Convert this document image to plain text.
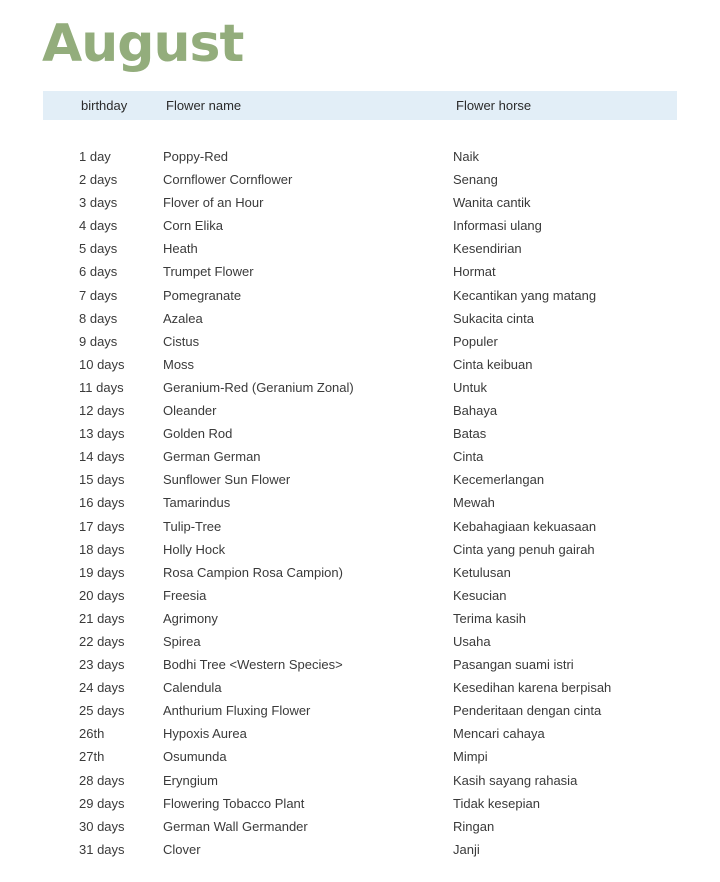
August
birthday	Flower name	Flower horse
1 day	Poppy-Red	Naik
2 days	Cornflower Cornflower	Senang
3 days	Flover of an Hour	Wanita cantik
4 days	Corn Elika	Informasi ulang
5 days	Heath	Kesendirian
6 days	Trumpet Flower	Hormat
7 days	Pomegranate	Kecantikan yang matang
8 days	Azalea	Sukacita cinta
9 days	Cistus	Populer
10 days	Moss	Cinta keibuan
11 days	Geranium-Red (Geranium Zonal)	Untuk
12 days	Oleander	Bahaya
13 days	Golden Rod	Batas
14 days	German German	Cinta
15 days	Sunflower Sun Flower	Kecemerlangan
16 days	Tamarindus	Mewah
17 days	Tulip-Tree	Kebahagiaan kekuasaan
18 days	Holly Hock	Cinta yang penuh gairah
19 days	Rosa Campion Rosa Campion)	Ketulusan
20 days	Freesia	Kesucian
21 days	Agrimony	Terima kasih
22 days	Spirea	Usaha
23 days	Bodhi Tree <Western Species>	Pasangan suami istri
24 days	Calendula	Kesedihan karena berpisah
25 days	Anthurium Fluxing Flower	Penderitaan dengan cinta
26th	Hypoxis Aurea	Mencari cahaya
27th	Osumunda	Mimpi
28 days	Eryngium	Kasih sayang rahasia
29 days	Flowering Tobacco Plant	Tidak kesepian
30 days	German Wall Germander	Ringan
31 days	Clover	Janji
